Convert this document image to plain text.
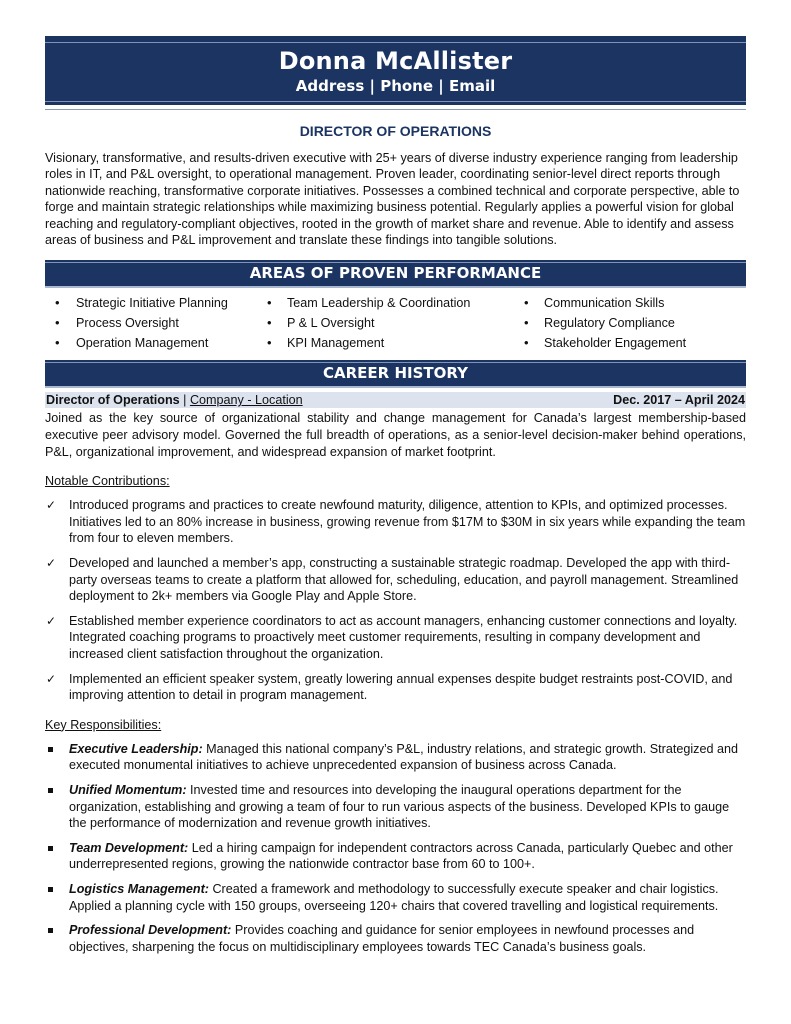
Donna McAllister
Address | Phone | Email
DIRECTOR OF OPERATIONS
Visionary, transformative, and results-driven executive with 25+ years of diverse industry experience ranging from leadership roles in IT, and P&L oversight, to operational management. Proven leader, coordinating senior-level direct reports through nationwide reaching, transformative corporate initiatives. Possesses a combined technical and corporate perspective, able to forge and maintain strategic relationships while maximizing business potential. Regularly applies a powerful vision for global reaching and regulatory-compliant objectives, rooted in the growth of market share and revenue. Able to identify and assess areas of business and P&L improvement and translate these findings into tangible solutions.
AREAS OF PROVEN PERFORMANCE
• Strategic Initiative Planning
• Process Oversight
• Operation Management
• Team Leadership & Coordination
• P & L Oversight
• KPI Management
• Communication Skills
• Regulatory Compliance
• Stakeholder Engagement
CAREER HISTORY
Director of Operations | Company - Location	Dec. 2017 – April 2024
Joined as the key source of organizational stability and change management for Canada’s largest membership-based executive peer advisory model. Governed the full breadth of operations, as a senior-level decision-maker behind operations, P&L, organizational improvement, and widespread expansion of market footprint.
Notable Contributions:
✓ Introduced programs and practices to create newfound maturity, diligence, attention to KPIs, and optimized processes. Initiatives led to an 80% increase in business, growing revenue from $17M to $30M in six years while expanding the team from four to eleven members.
✓ Developed and launched a member’s app, constructing a sustainable strategic roadmap. Developed the app with third-party overseas teams to create a platform that allowed for, scheduling, education, and payroll management. Streamlined deployment to 2k+ members via Google Play and Apple Store.
✓ Established member experience coordinators to act as account managers, enhancing customer connections and loyalty. Integrated coaching programs to proactively meet customer requirements, resulting in company development and increased client satisfaction throughout the organization.
✓ Implemented an efficient speaker system, greatly lowering annual expenses despite budget restraints post-COVID, and improving attention to detail in program management.
Key Responsibilities:
Executive Leadership: Managed this national company’s P&L, industry relations, and strategic growth. Strategized and executed monumental initiatives to achieve unprecedented expansion of business across Canada.
Unified Momentum: Invested time and resources into developing the inaugural operations department for the organization, establishing and growing a team of four to run various aspects of the business. Developed KPIs to gauge the performance of modernization and revenue growth initiatives.
Team Development: Led a hiring campaign for independent contractors across Canada, particularly Quebec and other underrepresented regions, growing the nationwide contractor base from 60 to 100+.
Logistics Management: Created a framework and methodology to successfully execute speaker and chair logistics. Applied a planning cycle with 150 groups, overseeing 120+ chairs that covered travelling and logistical requirements.
Professional Development: Provides coaching and guidance for senior employees in newfound processes and objectives, sharpening the focus on multidisciplinary employees towards TEC Canada’s business goals.
